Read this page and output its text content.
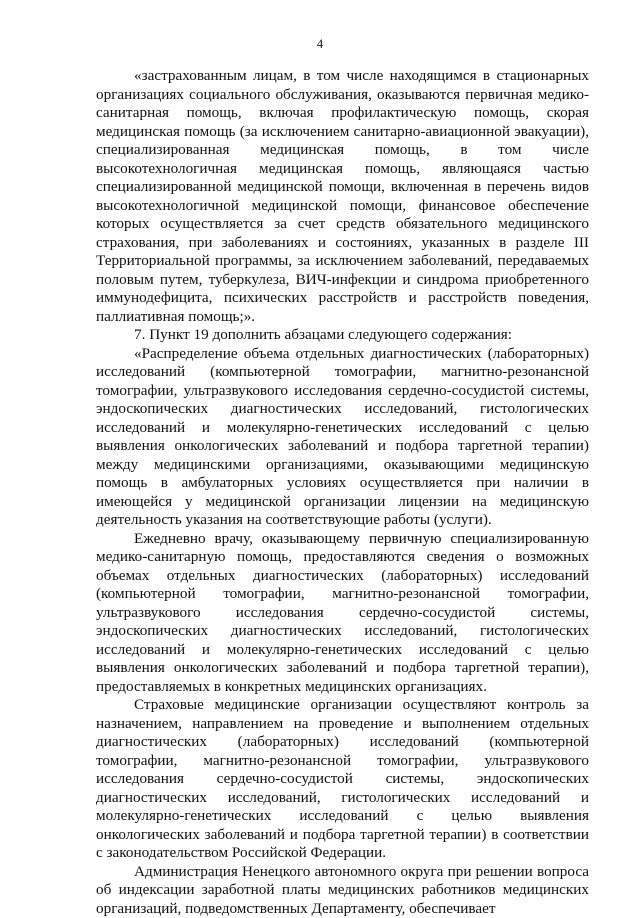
4

«застрахованным лицам, в том числе находящимся в стационарных организациях социального обслуживания, оказываются первичная медико-санитарная помощь, включая профилактическую помощь, скорая медицинская помощь (за исключением санитарно-авиационной эвакуации), специализированная медицинская помощь, в том числе высокотехнологичная медицинская помощь, являющаяся частью специализированной медицинской помощи, включенная в перечень видов высокотехнологичной медицинской помощи, финансовое обеспечение которых осуществляется за счет средств обязательного медицинского страхования, при заболеваниях и состояниях, указанных в разделе III Территориальной программы, за исключением заболеваний, передаваемых половым путем, туберкулеза, ВИЧ-инфекции и синдрома приобретенного иммунодефицита, психических расстройств и расстройств поведения, паллиативная помощь;».

7. Пункт 19 дополнить абзацами следующего содержания:

«Распределение объема отдельных диагностических (лабораторных) исследований (компьютерной томографии, магнитно-резонансной томографии, ультразвукового исследования сердечно-сосудистой системы, эндоскопических диагностических исследований, гистологических исследований и молекулярно-генетических исследований с целью выявления онкологических заболеваний и подбора таргетной терапии) между медицинскими организациями, оказывающими медицинскую помощь в амбулаторных условиях осуществляется при наличии в имеющейся у медицинской организации лицензии на медицинскую деятельность указания на соответствующие работы (услуги).

Ежедневно врачу, оказывающему первичную специализированную медико-санитарную помощь, предоставляются сведения о возможных объемах отдельных диагностических (лабораторных) исследований (компьютерной томографии, магнитно-резонансной томографии, ультразвукового исследования сердечно-сосудистой системы, эндоскопических диагностических исследований, гистологических исследований и молекулярно-генетических исследований с целью выявления онкологических заболеваний и подбора таргетной терапии), предоставляемых в конкретных медицинских организациях.

Страховые медицинские организации осуществляют контроль за назначением, направлением на проведение и выполнением отдельных диагностических (лабораторных) исследований (компьютерной томографии, магнитно-резонансной томографии, ультразвукового исследования сердечно-сосудистой системы, эндоскопических диагностических исследований, гистологических исследований и молекулярно-генетических исследований с целью выявления онкологических заболеваний и подбора таргетной терапии) в соответствии с законодательством Российской Федерации.

Администрация Ненецкого автономного округа при решении вопроса об индексации заработной платы медицинских работников медицинских организаций, подведомственных Департаменту, обеспечивает
